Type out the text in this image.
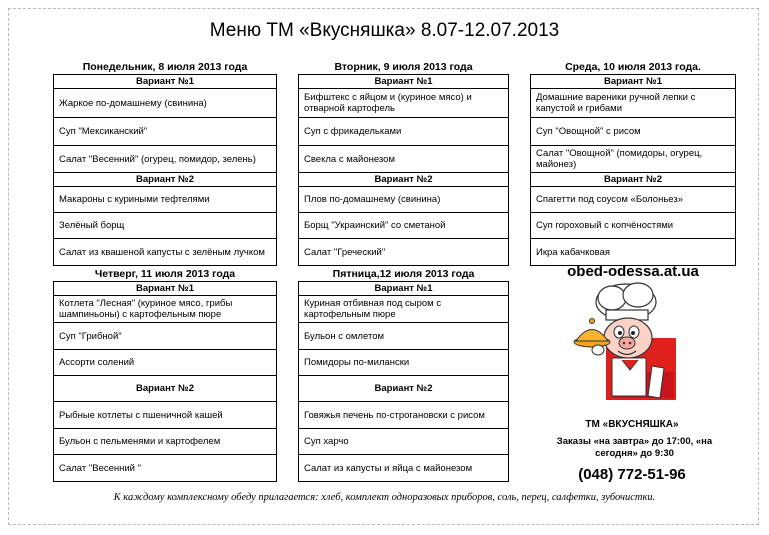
Меню ТМ «Вкусняшка» 8.07-12.07.2013
Понедельник, 8 июля 2013 года
Вариант №1
Жаркое по-домашнему (свинина)
Суп "Мексиканский"
Салат "Весенний" (огурец, помидор, зелень)
Вариант №2
Макароны с куриными тефтелями
Зелёный борщ
Салат из квашеной капусты с зелёным лучком
Вторник, 9 июля 2013 года
Вариант №1
Бифштекс с яйцом и (куриное мясо) и отварной картофель
Суп с фрикадельками
Свекла с майонезом
Вариант №2
Плов по-домашнему (свинина)
Борщ "Украинский" со сметаной
Салат "Греческий"
Среда, 10 июля 2013 года.
Вариант №1
Домашние вареники ручной лепки с капустой и грибами
Суп "Овощной" с рисом
Салат "Овощной" (помидоры, огурец, майонез)
Вариант №2
Спагетти под соусом «Болоньез»
Суп гороховый с копчёностями
Икра кабачковая
Четверг, 11 июля 2013 года
Вариант №1
Котлета "Лесная" (куриное мясо, грибы шампиньоны) с картофельным пюре
Суп "Грибной"
Ассорти солений
Вариант №2
Рыбные котлеты с пшеничной кашей
Бульон с пельменями и картофелем
Салат "Весенний "
Пятница,12 июля 2013 года
Вариант №1
Куриная отбивная под сыром с картофельным пюре
Бульон с омлетом
Помидоры по-милански
Вариант №2
Говяжья печень по-строгановски с рисом
Суп харчо
Салат из капусты и яйца с майонезом
obed-odessa.at.ua
ТМ «ВКУСНЯШКА»
Заказы «на завтра» до 17:00, «на сегодня» до 9:30
(048) 772-51-96
К каждому комплексному обеду прилагается: хлеб, комплект одноразовых приборов, соль, перец, салфетки, зубочистки.
